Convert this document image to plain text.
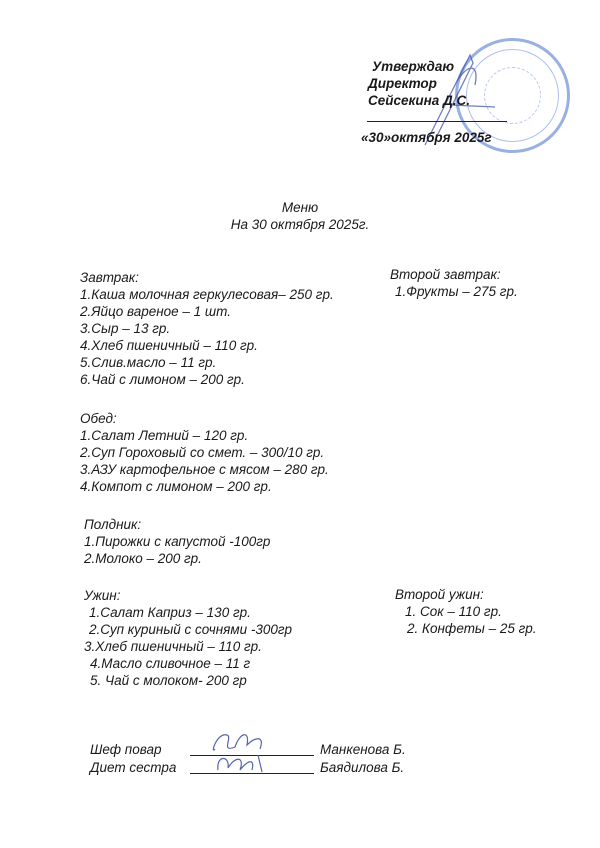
Утверждаю
Директор
Сейсекина Д.С.
«30»октября 2025г
Меню
На 30 октября 2025г.
Завтрак:
1.Каша молочная геркулесовая– 250 гр.
2.Яйцо вареное – 1 шт.
3.Сыр – 13 гр.
4.Хлеб пшеничный – 110 гр.
5.Слив.масло – 11 гр.
6.Чай с лимоном – 200 гр.
Второй завтрак:
1.Фрукты – 275 гр.
Обед:
1.Салат Летний – 120 гр.
2.Суп Гороховый со смет. – 300/10 гр.
3.АЗУ картофельное с мясом – 280 гр.
4.Компот с лимоном – 200 гр.
Полдник:
1.Пирожки с капустой -100гр
2.Молоко – 200 гр.
Ужин:
1.Салат Каприз – 130 гр.
2.Суп куриный с сочнями -300гр
3.Хлеб пшеничный – 110 гр.
4.Масло сливочное – 11 г
5. Чай с молоком- 200 гр
Второй ужин:
1. Сок – 110 гр.
2. Конфеты – 25 гр.
Шеф повар	Манкенова Б.
Диет сестра	Баядилова Б.
